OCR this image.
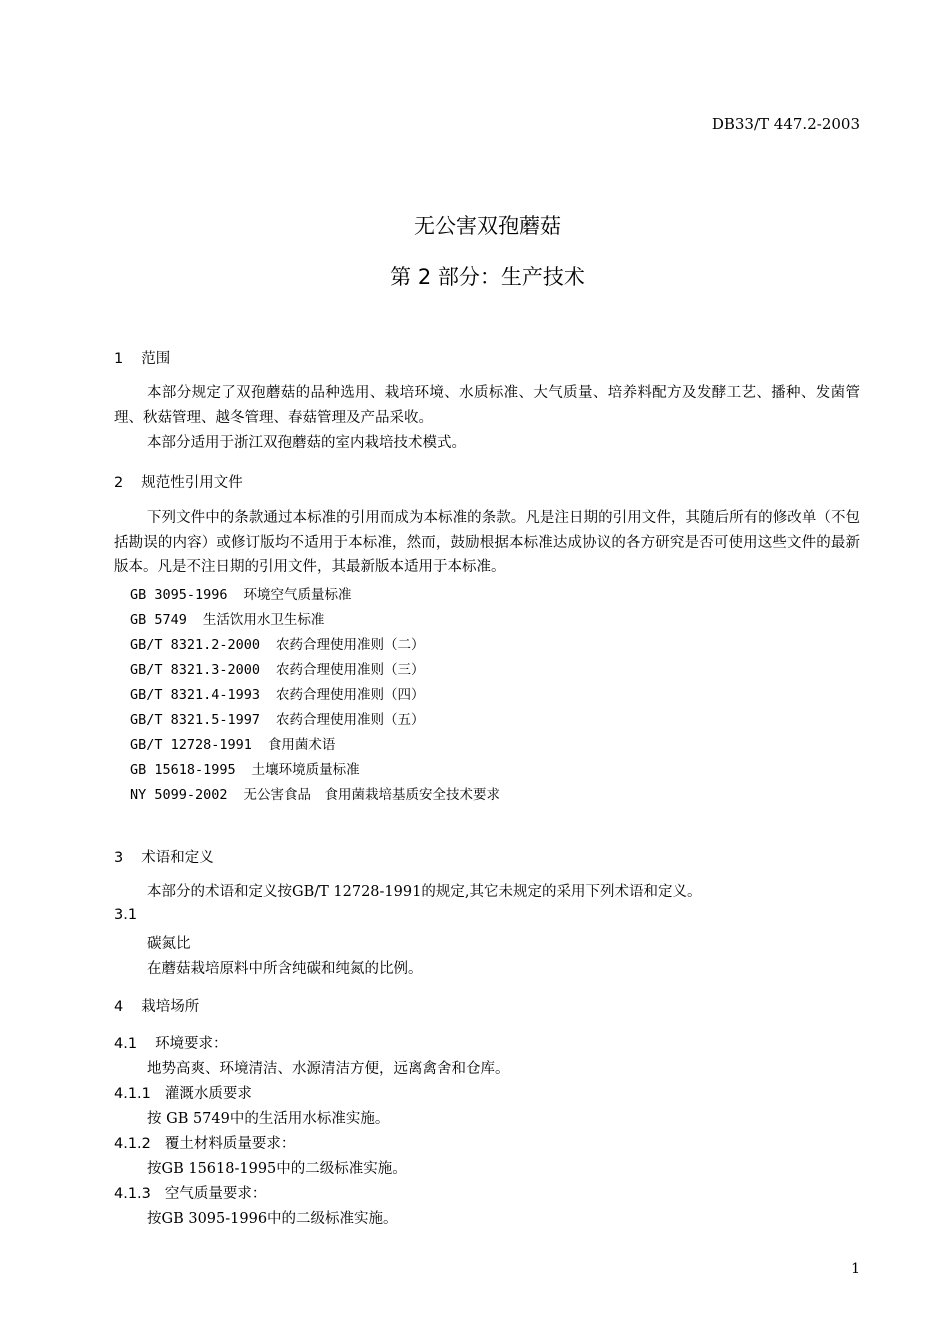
DB33/T 447.2-2003
无公害双孢蘑菇
第 2 部分：生产技术
1 范围
本部分规定了双孢蘑菇的品种选用、栽培环境、水质标准、大气质量、培养料配方及发酵工艺、播种、发菌管理、秋菇管理、越冬管理、春菇管理及产品采收。
本部分适用于浙江双孢蘑菇的室内栽培技术模式。
2 规范性引用文件
下列文件中的条款通过本标准的引用而成为本标准的条款。凡是注日期的引用文件，其随后所有的修改单（不包括勘误的内容）或修订版均不适用于本标准，然而，鼓励根据本标准达成协议的各方研究是否可使用这些文件的最新版本。凡是不注日期的引用文件，其最新版本适用于本标准。
GB 3095-1996 环境空气质量标准
GB 5749 生活饮用水卫生标准
GB/T 8321.2-2000 农药合理使用准则（二）
GB/T 8321.3-2000 农药合理使用准则（三）
GB/T 8321.4-1993 农药合理使用准则（四）
GB/T 8321.5-1997 农药合理使用准则（五）
GB/T 12728-1991 食用菌术语
GB 15618-1995 土壤环境质量标准
NY 5099-2002 无公害食品　食用菌栽培基质安全技术要求
3 术语和定义
本部分的术语和定义按GB/T 12728-1991的规定,其它未规定的采用下列术语和定义。
3.1
碳氮比
在蘑菇栽培原料中所含纯碳和纯氮的比例。
4 栽培场所
4.1 环境要求：
地势高爽、环境清洁、水源清洁方便，远离禽舍和仓库。
4.1.1 灌溉水质要求
按 GB 5749中的生活用水标准实施。
4.1.2 覆土材料质量要求：
按GB 15618-1995中的二级标准实施。
4.1.3 空气质量要求：
按GB 3095-1996中的二级标准实施。
1
